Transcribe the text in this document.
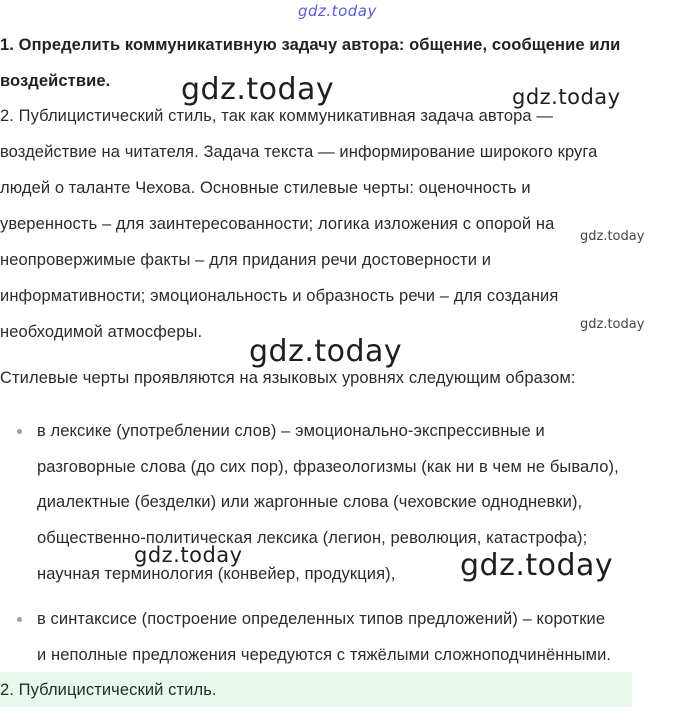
1. Определить коммуникативную задачу автора: общение, сообщение или
воздействие.
2. Публицистический стиль, так как коммуникативная задача автора —
воздействие на читателя. Задача текста — информирование широкого круга
людей о таланте Чехова. Основные стилевые черты: оценочность и
уверенность – для заинтересованности; логика изложения с опорой на
неопровержимые факты – для придания речи достоверности и
информативности; эмоциональность и образность речи – для создания
необходимой атмосферы.
Стилевые черты проявляются на языковых уровнях следующим образом:
в лексике (употреблении слов) – эмоционально-экспрессивные и
разговорные слова (до сих пор), фразеологизмы (как ни в чем не бывало),
диалектные (безделки) или жаргонные слова (чеховские однодневки),
общественно-политическая лексика (легион, революция, катастрофа);
научная терминология (конвейер, продукция),
в синтаксисе (построение определенных типов предложений) – короткие
и неполные предложения чередуются с тяжёлыми сложноподчинёнными.
2. Публицистический стиль.
gdz.today
gdz.today	gdz.today
gdz.today
gdz.today
gdz.today
gdz.today	gdz.today
